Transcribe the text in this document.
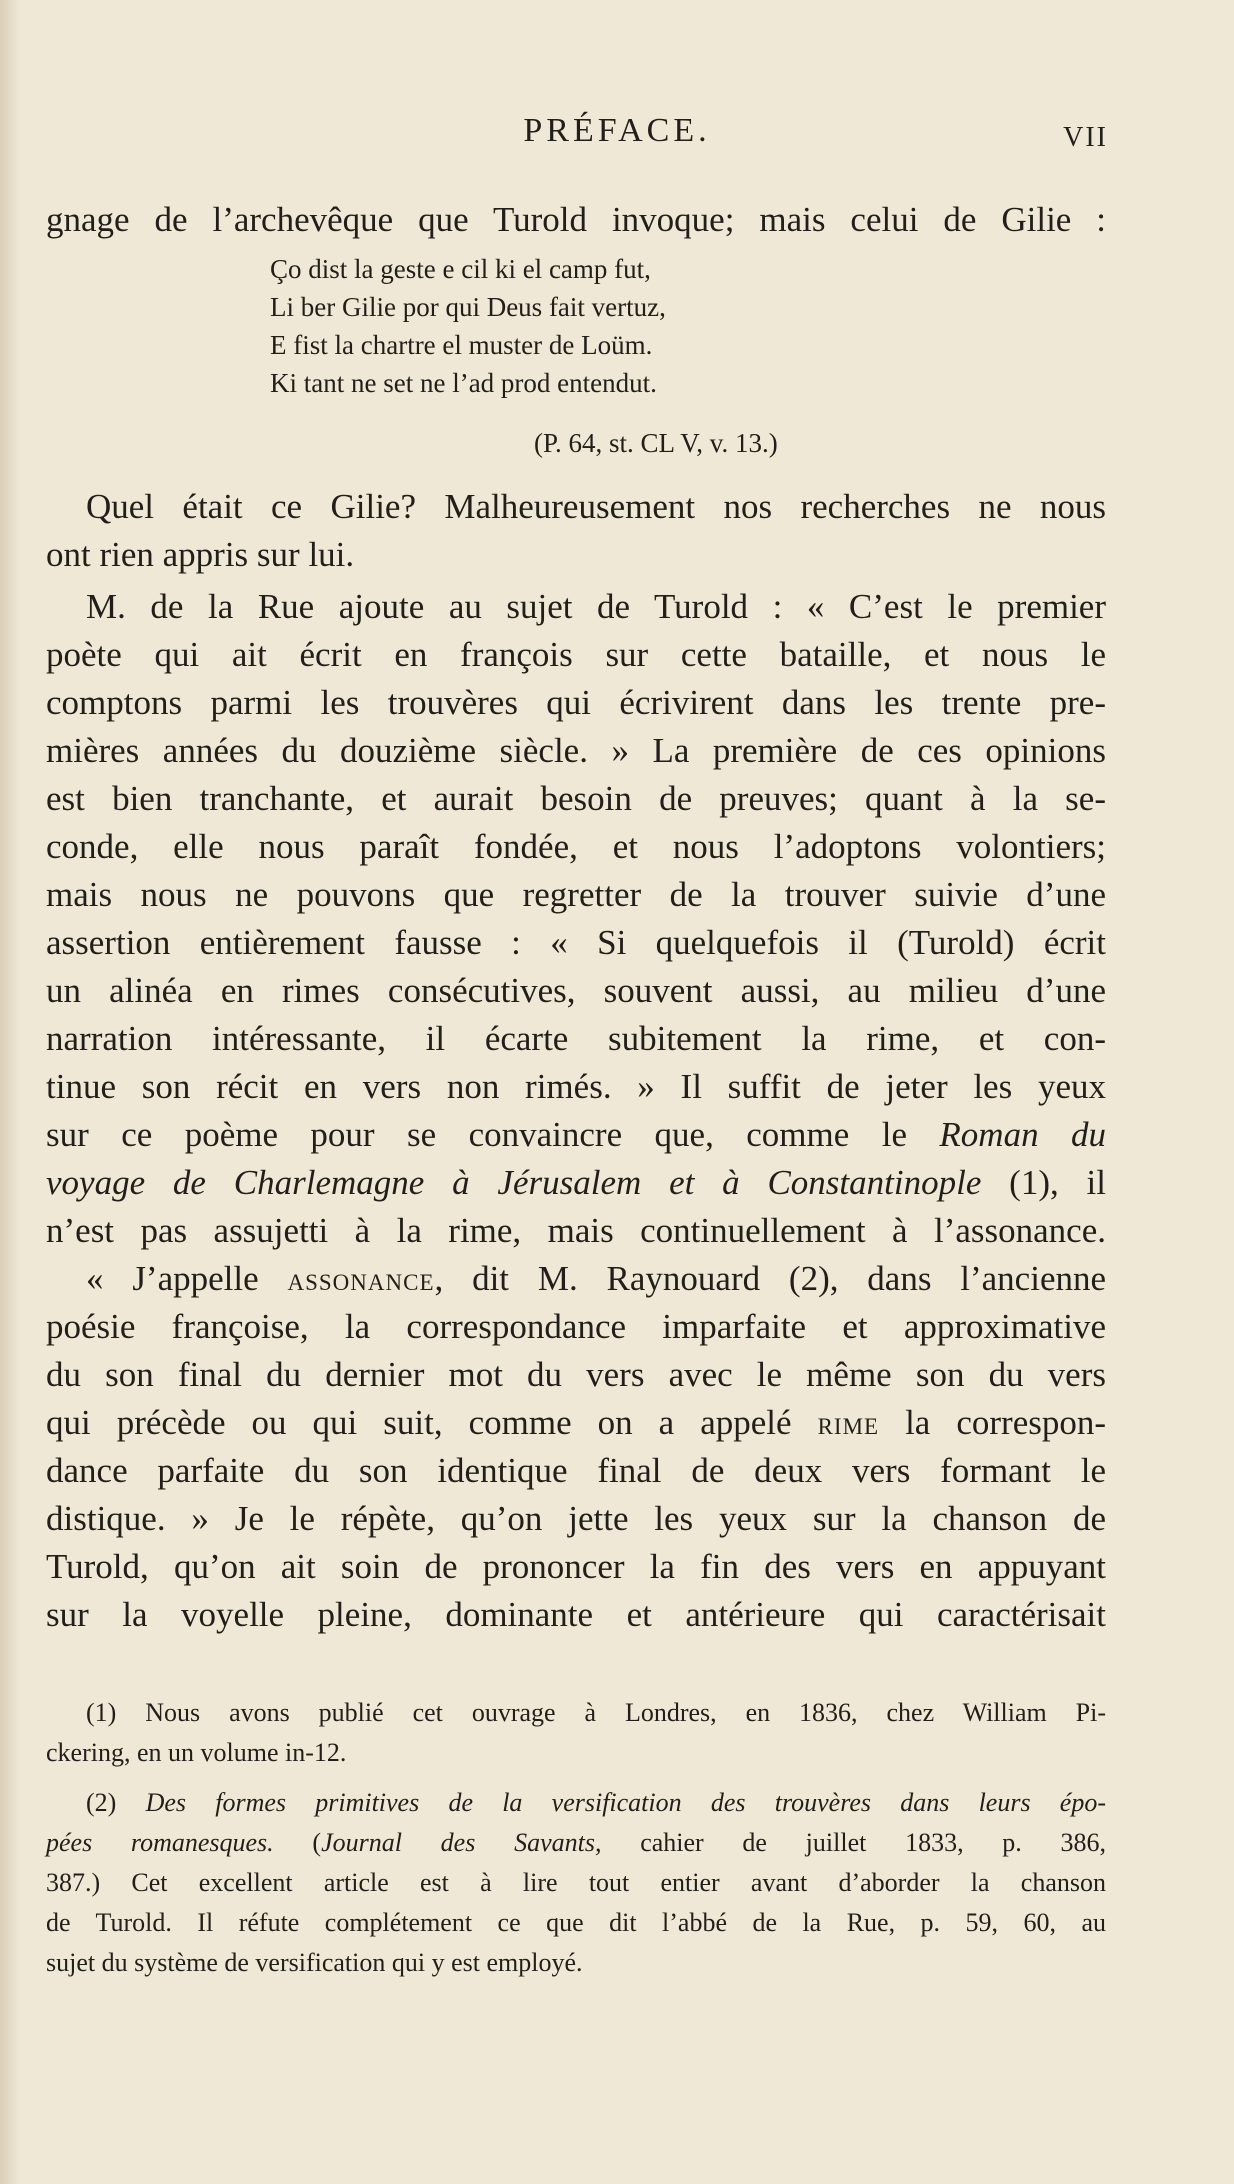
PRÉFACE.	VII
gnage de l’archevêque que Turold invoque; mais celui de Gilie :
Ço dist la geste e cil ki el camp fut,
Li ber Gilie por qui Deus fait vertuz,
E fist la chartre el muster de Loüm.
Ki tant ne set ne l’ad prod entendut.
(P. 64, st. CL V, v. 13.)
Quel était ce Gilie? Malheureusement nos recherches ne nous
ont rien appris sur lui.
M. de la Rue ajoute au sujet de Turold : « C’est le premier
poète qui ait écrit en françois sur cette bataille, et nous le
comptons parmi les trouvères qui écrivirent dans les trente pre-
mières années du douzième siècle. » La première de ces opinions
est bien tranchante, et aurait besoin de preuves; quant à la se-
conde, elle nous paraît fondée, et nous l’adoptons volontiers;
mais nous ne pouvons que regretter de la trouver suivie d’une
assertion entièrement fausse : « Si quelquefois il (Turold) écrit
un alinéa en rimes consécutives, souvent aussi, au milieu d’une
narration intéressante, il écarte subitement la rime, et con-
tinue son récit en vers non rimés. » Il suffit de jeter les yeux
sur ce poème pour se convaincre que, comme le Roman du
voyage de Charlemagne à Jérusalem et à Constantinople (1), il
n’est pas assujetti à la rime, mais continuellement à l’assonance.
« J’appelle ASSONANCE, dit M. Raynouard (2), dans l’ancienne
poésie françoise, la correspondance imparfaite et approximative
du son final du dernier mot du vers avec le même son du vers
qui précède ou qui suit, comme on a appelé RIME la correspon-
dance parfaite du son identique final de deux vers formant le
distique. » Je le répète, qu’on jette les yeux sur la chanson de
Turold, qu’on ait soin de prononcer la fin des vers en appuyant
sur la voyelle pleine, dominante et antérieure qui caractérisait
(1) Nous avons publié cet ouvrage à Londres, en 1836, chez William Pi-
ckering, en un volume in-12.
(2) Des formes primitives de la versification des trouvères dans leurs épo-
pées romanesques. (Journal des Savants, cahier de juillet 1833, p. 386,
387.) Cet excellent article est à lire tout entier avant d’aborder la chanson
de Turold. Il réfute complétement ce que dit l’abbé de la Rue, p. 59, 60, au
sujet du système de versification qui y est employé.
